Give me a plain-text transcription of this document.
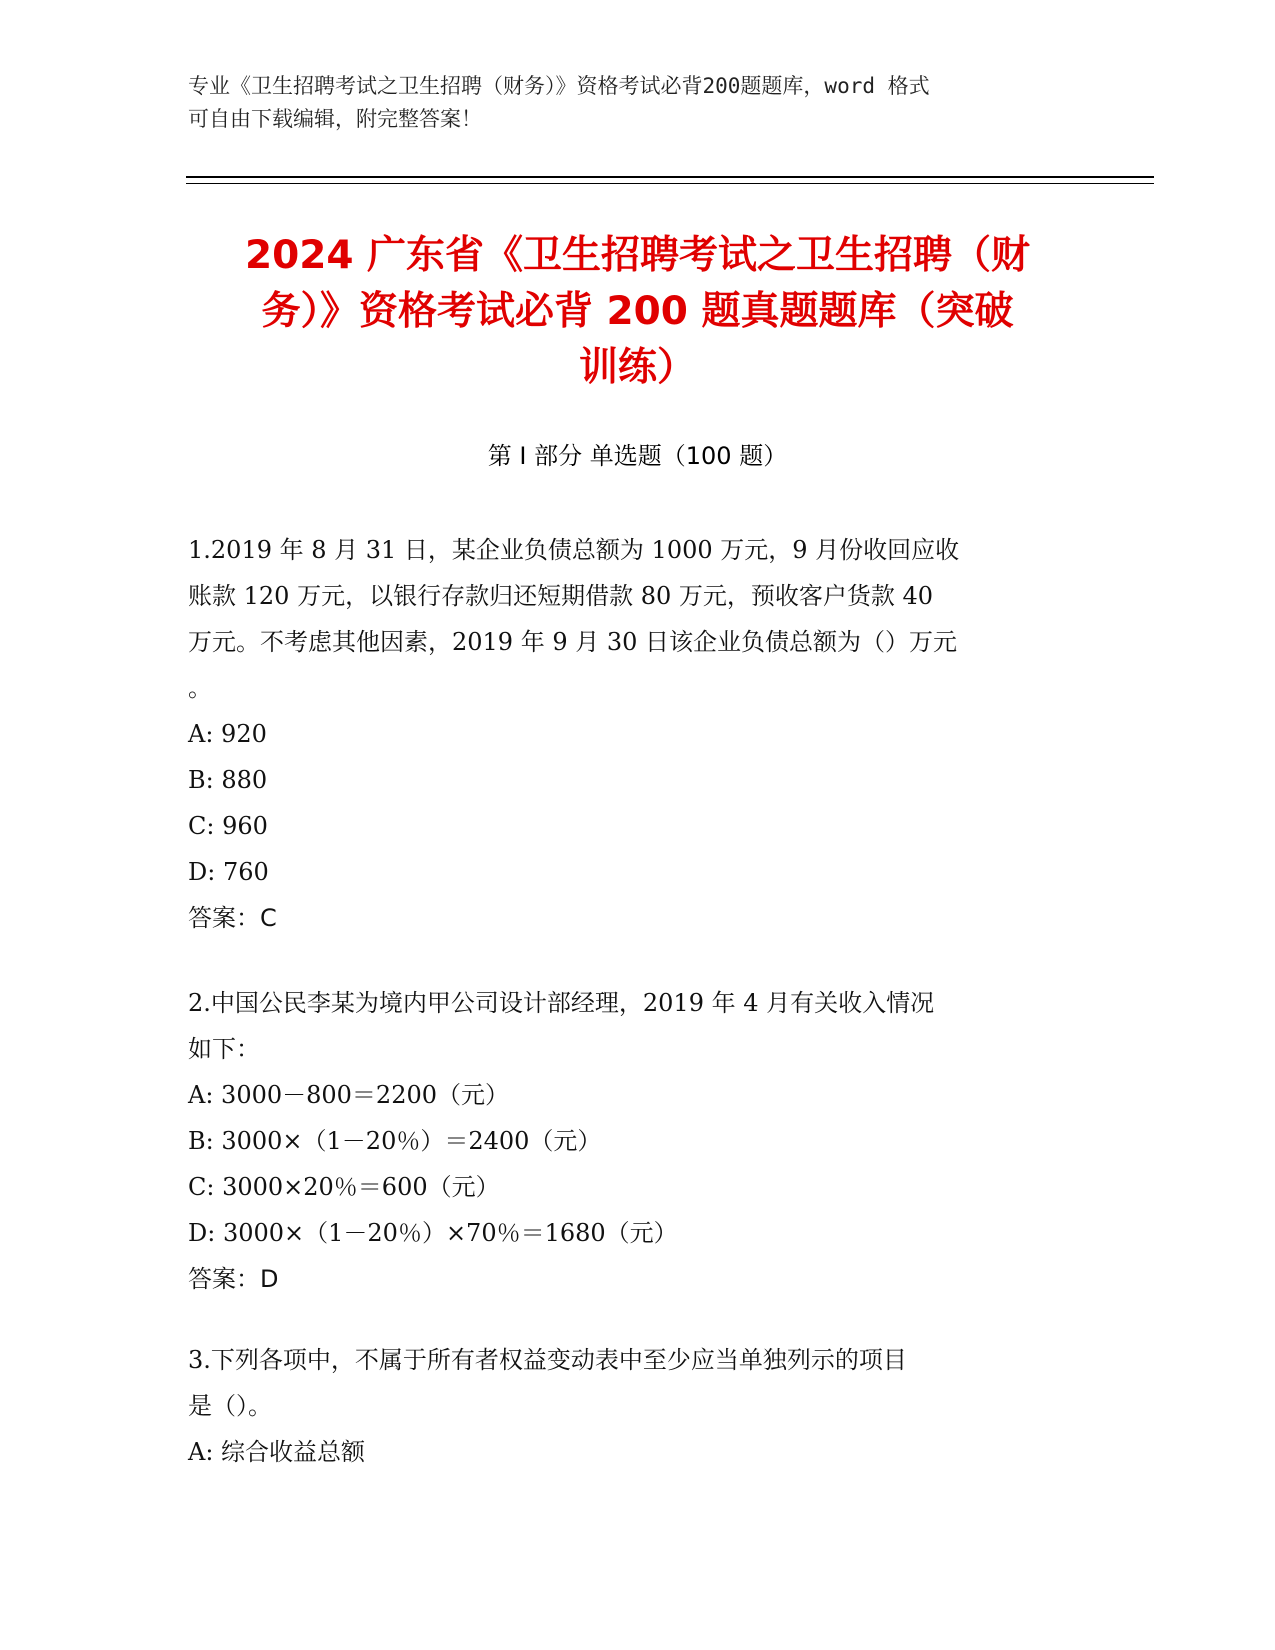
专业《卫生招聘考试之卫生招聘（财务）》资格考试必背200题题库，word 格式
可自由下载编辑，附完整答案！
2024 广东省《卫生招聘考试之卫生招聘（财
务）》资格考试必背 200 题真题题库（突破
训练）
第 I 部分 单选题（100 题）
1.2019 年 8 月 31 日，某企业负债总额为 1000 万元，9 月份收回应收
账款 120 万元，以银行存款归还短期借款 80 万元，预收客户货款 40
万元。不考虑其他因素，2019 年 9 月 30 日该企业负债总额为（）万元
。
A: 920
B: 880
C: 960
D: 760
答案：C
2.中国公民李某为境内甲公司设计部经理，2019 年 4 月有关收入情况
如下：
A: 3000－800＝2200（元）
B: 3000×（1－20％）＝2400（元）
C: 3000×20％＝600（元）
D: 3000×（1－20％）×70％＝1680（元）
答案：D
3.下列各项中，不属于所有者权益变动表中至少应当单独列示的项目
是（）。
A: 综合收益总额
